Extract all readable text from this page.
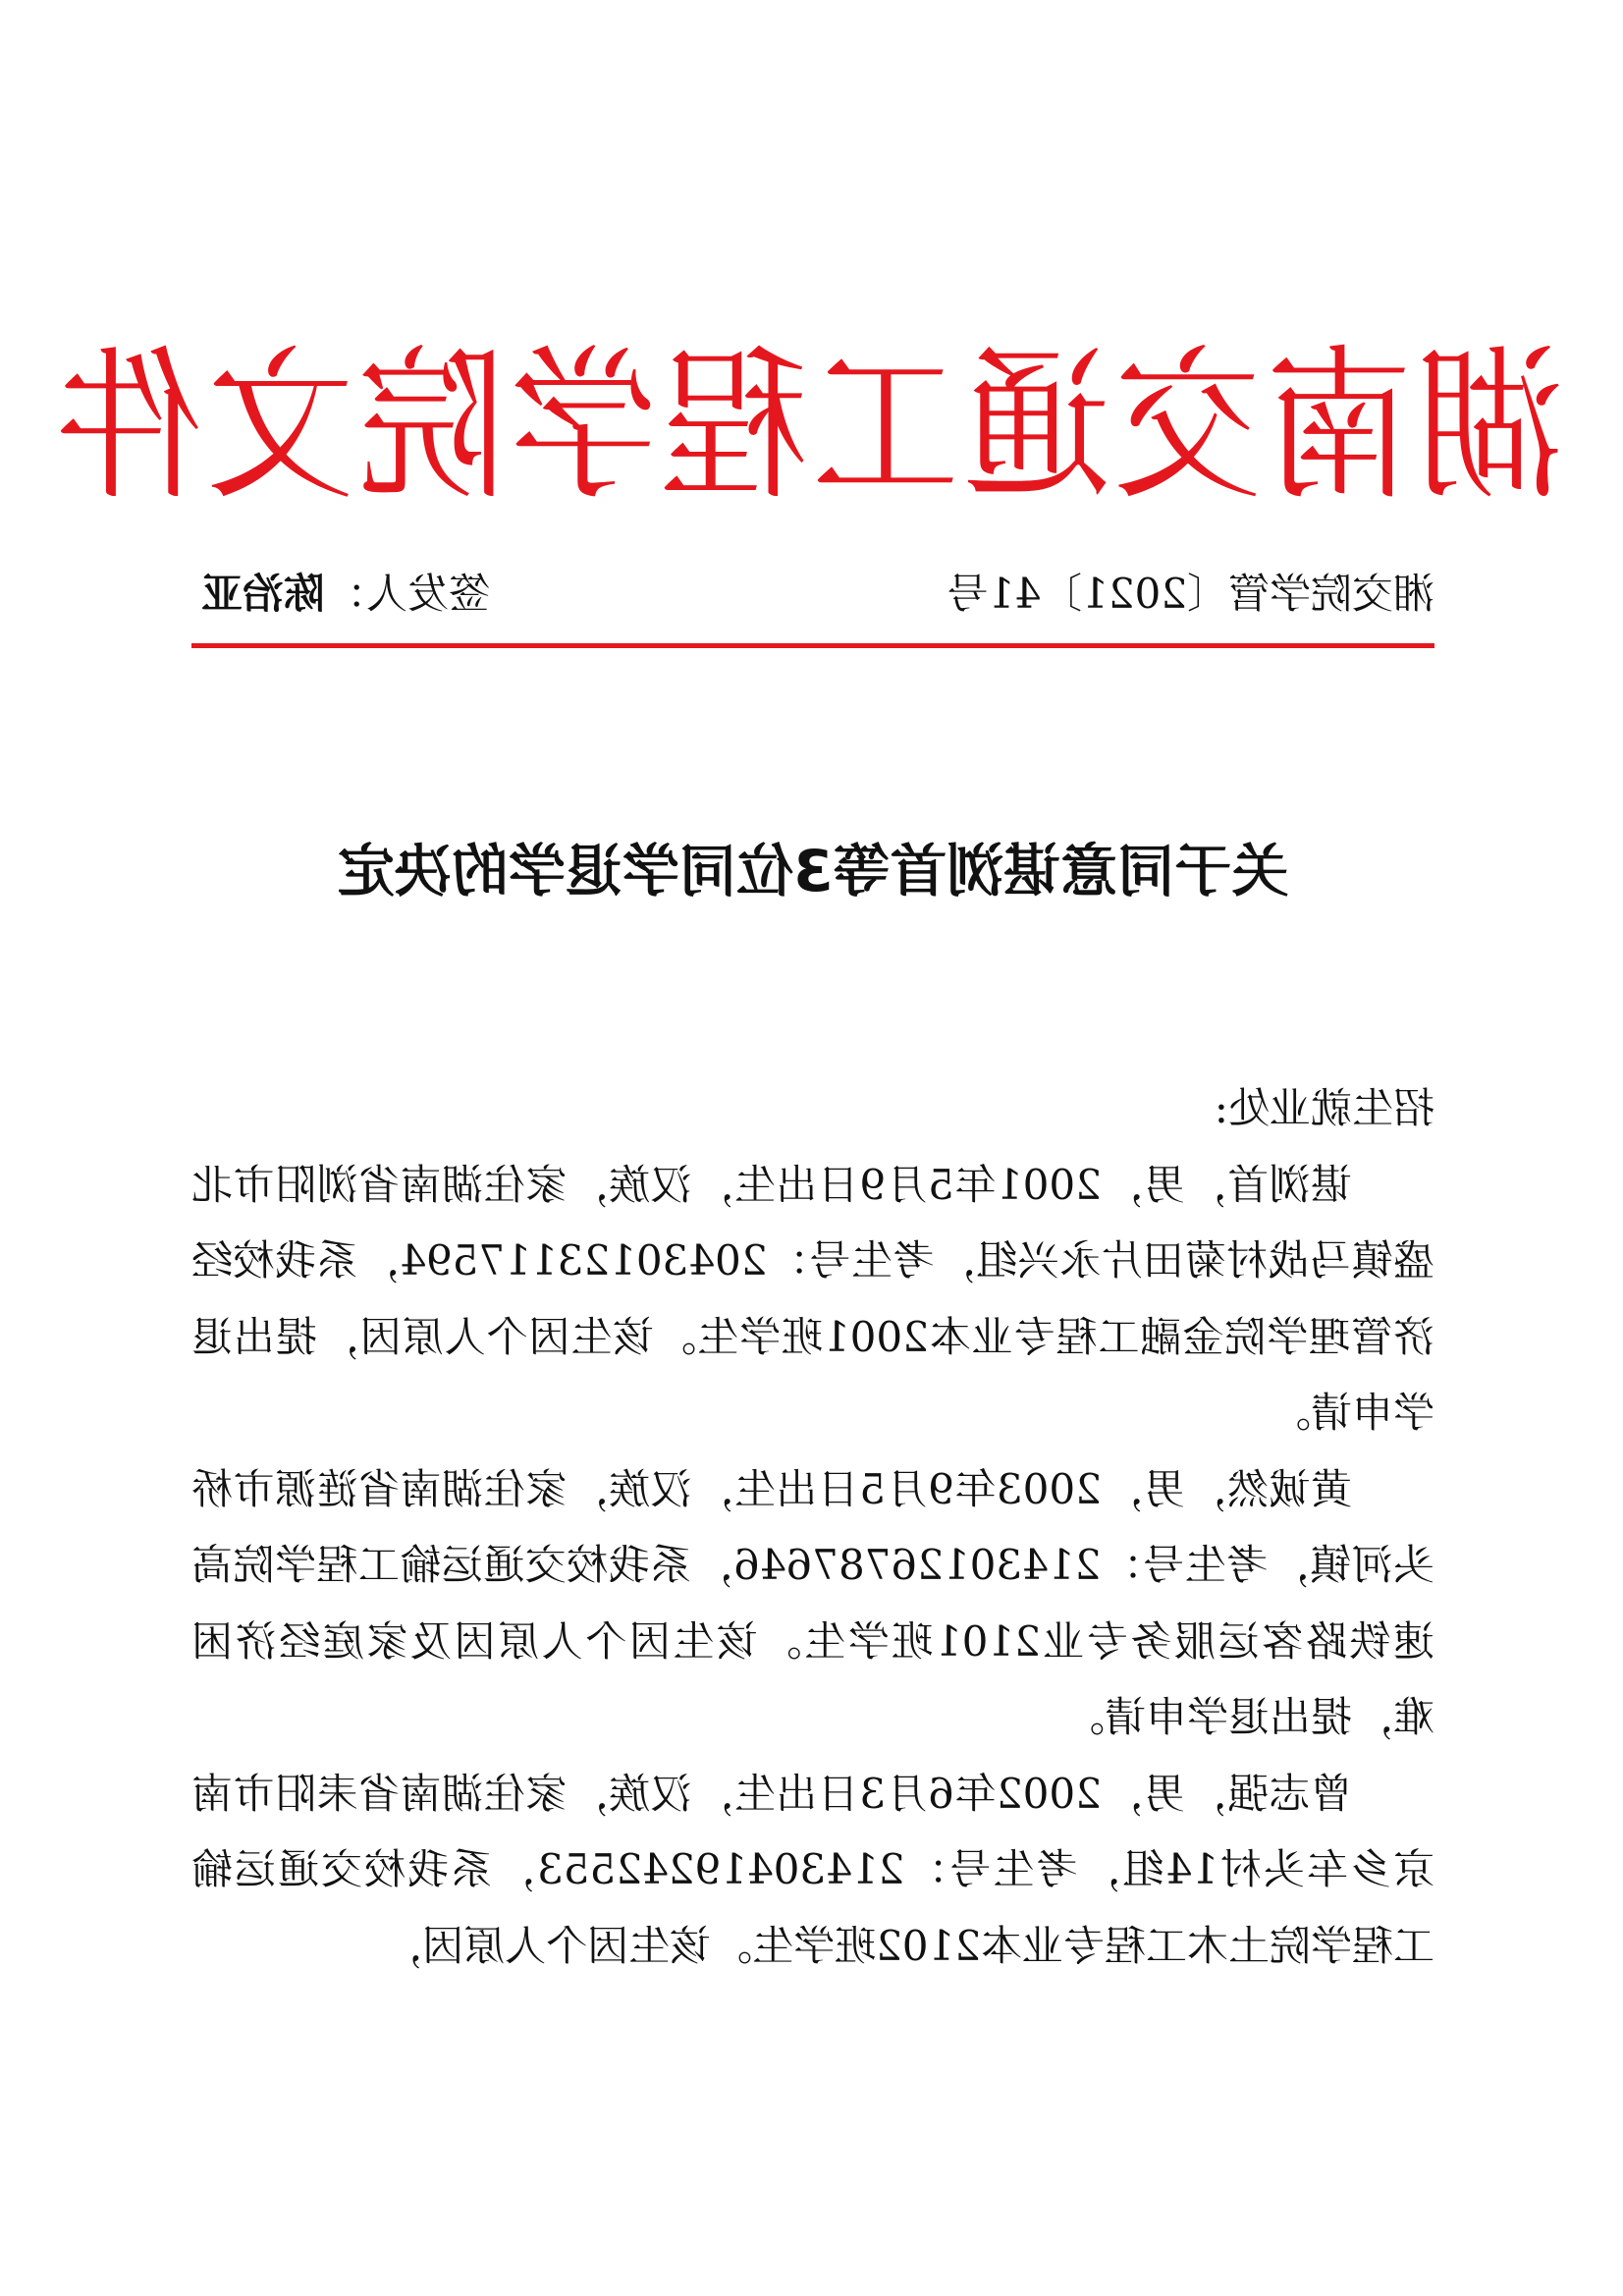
湖南交通工程学院文件
湘交院学管〔2021〕41号
签发人：陈治亚
关于同意谌浏首等3位同学退学的决定

招生就业处:

谌浏首，男，2001年5月9日出生，汉族，家住湖南省浏阳市北盛镇马战村菊田片永兴组，考生号：20430123117594，系我校经济管理学院金融工程专业本2001班学生。该生因个人原因，提出退学申请。

黄诚然，男，2003年9月5日出生，汉族，家住湖南省涟源市桥头河镇，考生号：21430126787646，系我校交通运输工程学院高速铁路客运服务专业2101班学生。该生因个人原因及家庭经济困难，提出退学申请。

曾志强，男，2002年6月3日出生，汉族，家住湖南省耒阳市南京乡车头村14组，考生号：21430419242553，系我校交通运输工程学院土木工程专业本2102班学生。该生因个人原因，
